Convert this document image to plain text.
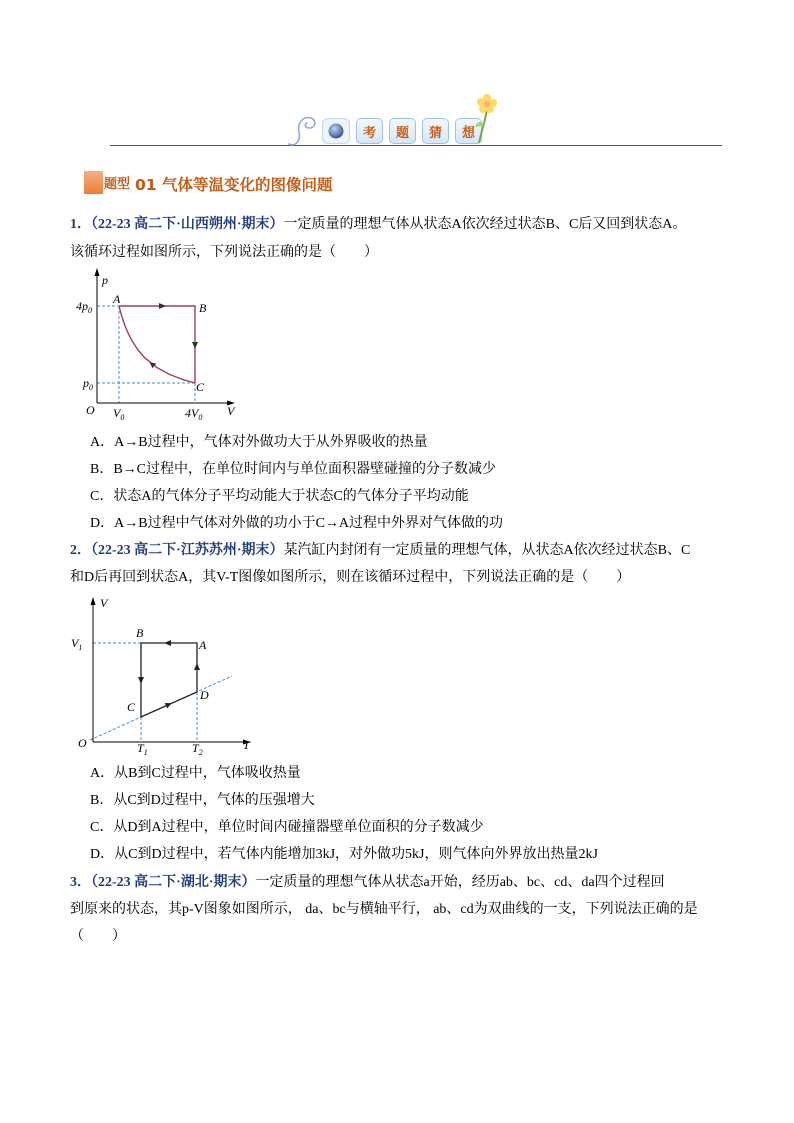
考	题	猜	想
题型 01 气体等温变化的图像问题
1．（22-23 高二下·山西朔州·期末）一定质量的理想气体从状态A依次经过状态B、C后又回到状态A。
该循环过程如图所示，下列说法正确的是（　　）
p
V
O
A
B
C
$4p_0$
$p_0$
$V_0$	$4V_0$
A．A→B过程中，气体对外做功大于从外界吸收的热量
B．B→C过程中，在单位时间内与单位面积器壁碰撞的分子数减少
C．状态A的气体分子平均动能大于状态C的气体分子平均动能
D．A→B过程中气体对外做的功小于C→A过程中外界对气体做的功
2．（22-23 高二下·江苏苏州·期末）某汽缸内封闭有一定质量的理想气体，从状态A依次经过状态B、C
和D后再回到状态A，其V-T图像如图所示，则在该循环过程中，下列说法正确的是（　　）
V
T
O
A
B
C
D
$V_1$
$T_1$	$T_2$
A．从B到C过程中，气体吸收热量
B．从C到D过程中，气体的压强增大
C．从D到A过程中，单位时间内碰撞器壁单位面积的分子数减少
D．从C到D过程中，若气体内能增加3kJ，对外做功5kJ，则气体向外界放出热量2kJ
3．（22-23 高二下·湖北·期末）一定质量的理想气体从状态a开始，经历ab、bc、cd、da四个过程回
到原来的状态，其p-V图象如图所示， da、bc与横轴平行， ab、cd为双曲线的一支，下列说法正确的是
（　　）
